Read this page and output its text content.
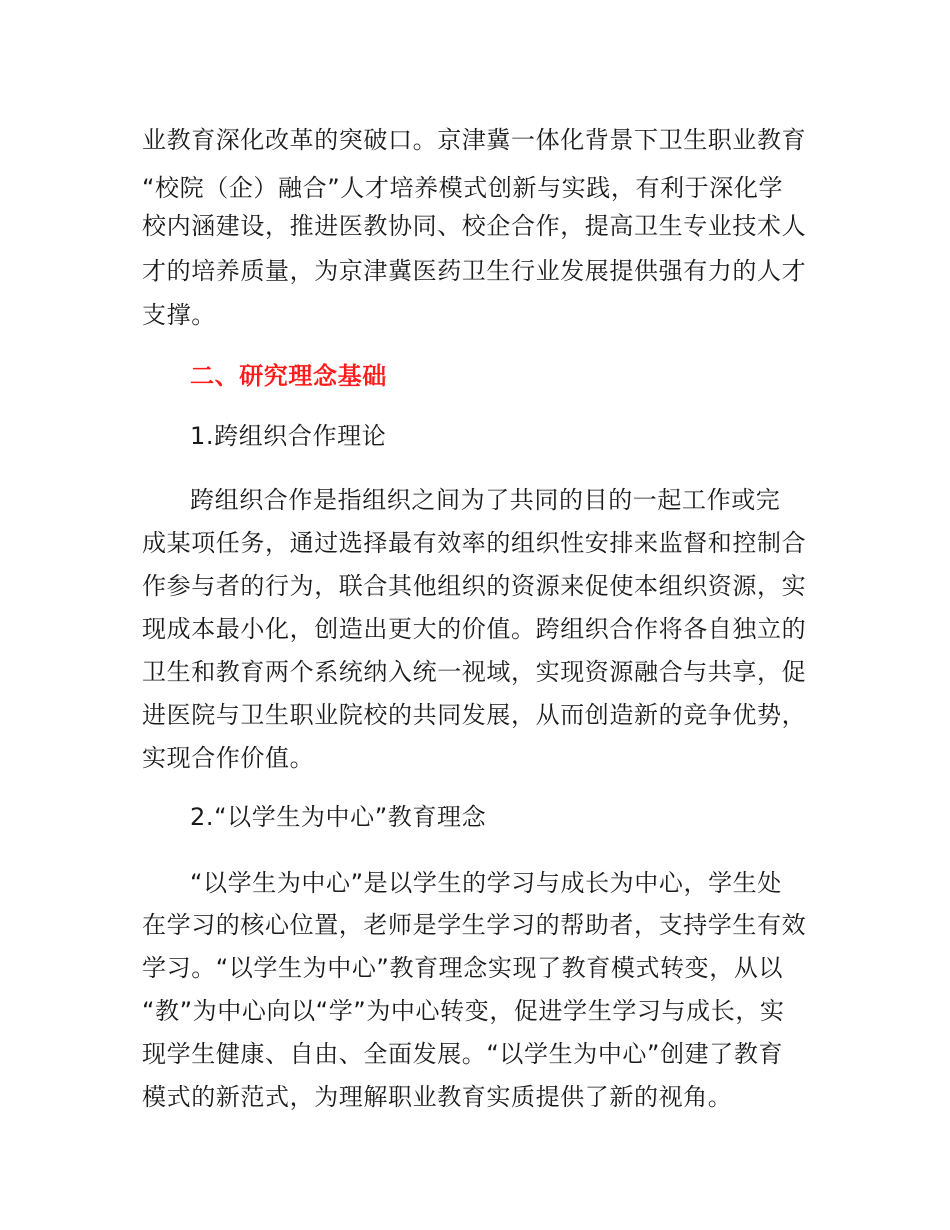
业教育深化改革的突破口。京津冀一体化背景下卫生职业教育
“校院（企）融合”人才培养模式创新与实践，有利于深化学
校内涵建设，推进医教协同、校企合作，提高卫生专业技术人
才的培养质量，为京津冀医药卫生行业发展提供强有力的人才
支撑。
二、研究理念基础
1.跨组织合作理论
跨组织合作是指组织之间为了共同的目的一起工作或完
成某项任务，通过选择最有效率的组织性安排来监督和控制合
作参与者的行为，联合其他组织的资源来促使本组织资源，实
现成本最小化，创造出更大的价值。跨组织合作将各自独立的
卫生和教育两个系统纳入统一视域，实现资源融合与共享，促
进医院与卫生职业院校的共同发展，从而创造新的竞争优势，
实现合作价值。
2.“以学生为中心”教育理念
“以学生为中心”是以学生的学习与成长为中心，学生处
在学习的核心位置，老师是学生学习的帮助者，支持学生有效
学习。“以学生为中心”教育理念实现了教育模式转变，从以
“教”为中心向以“学”为中心转变，促进学生学习与成长，实
现学生健康、自由、全面发展。“以学生为中心”创建了教育
模式的新范式，为理解职业教育实质提供了新的视角。
